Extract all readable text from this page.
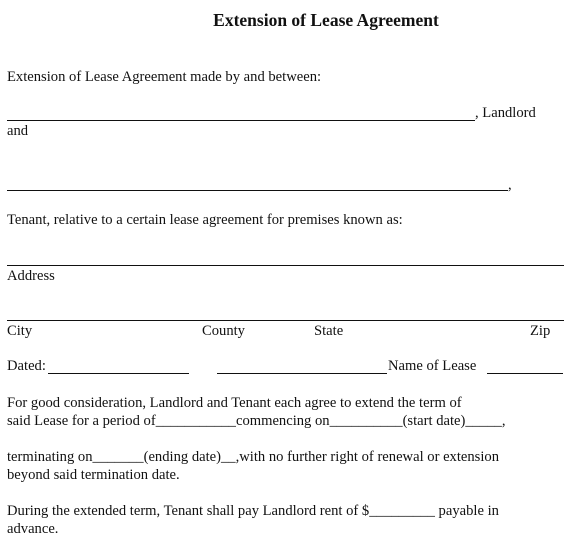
Extension of Lease Agreement
Extension of Lease Agreement made by and between:
, Landlord
and
,
Tenant, relative to a certain lease agreement for premises known as:
Address
City	County	State	Zip
Dated:	Name of Lease
For good consideration, Landlord and Tenant each agree to extend the term of
said Lease for a period of___________commencing on__________(start date)_____,
terminating on_______(ending date)__,with no further right of renewal or extension
beyond said termination date.
During the extended term, Tenant shall pay Landlord rent of $_________ payable in
advance.
